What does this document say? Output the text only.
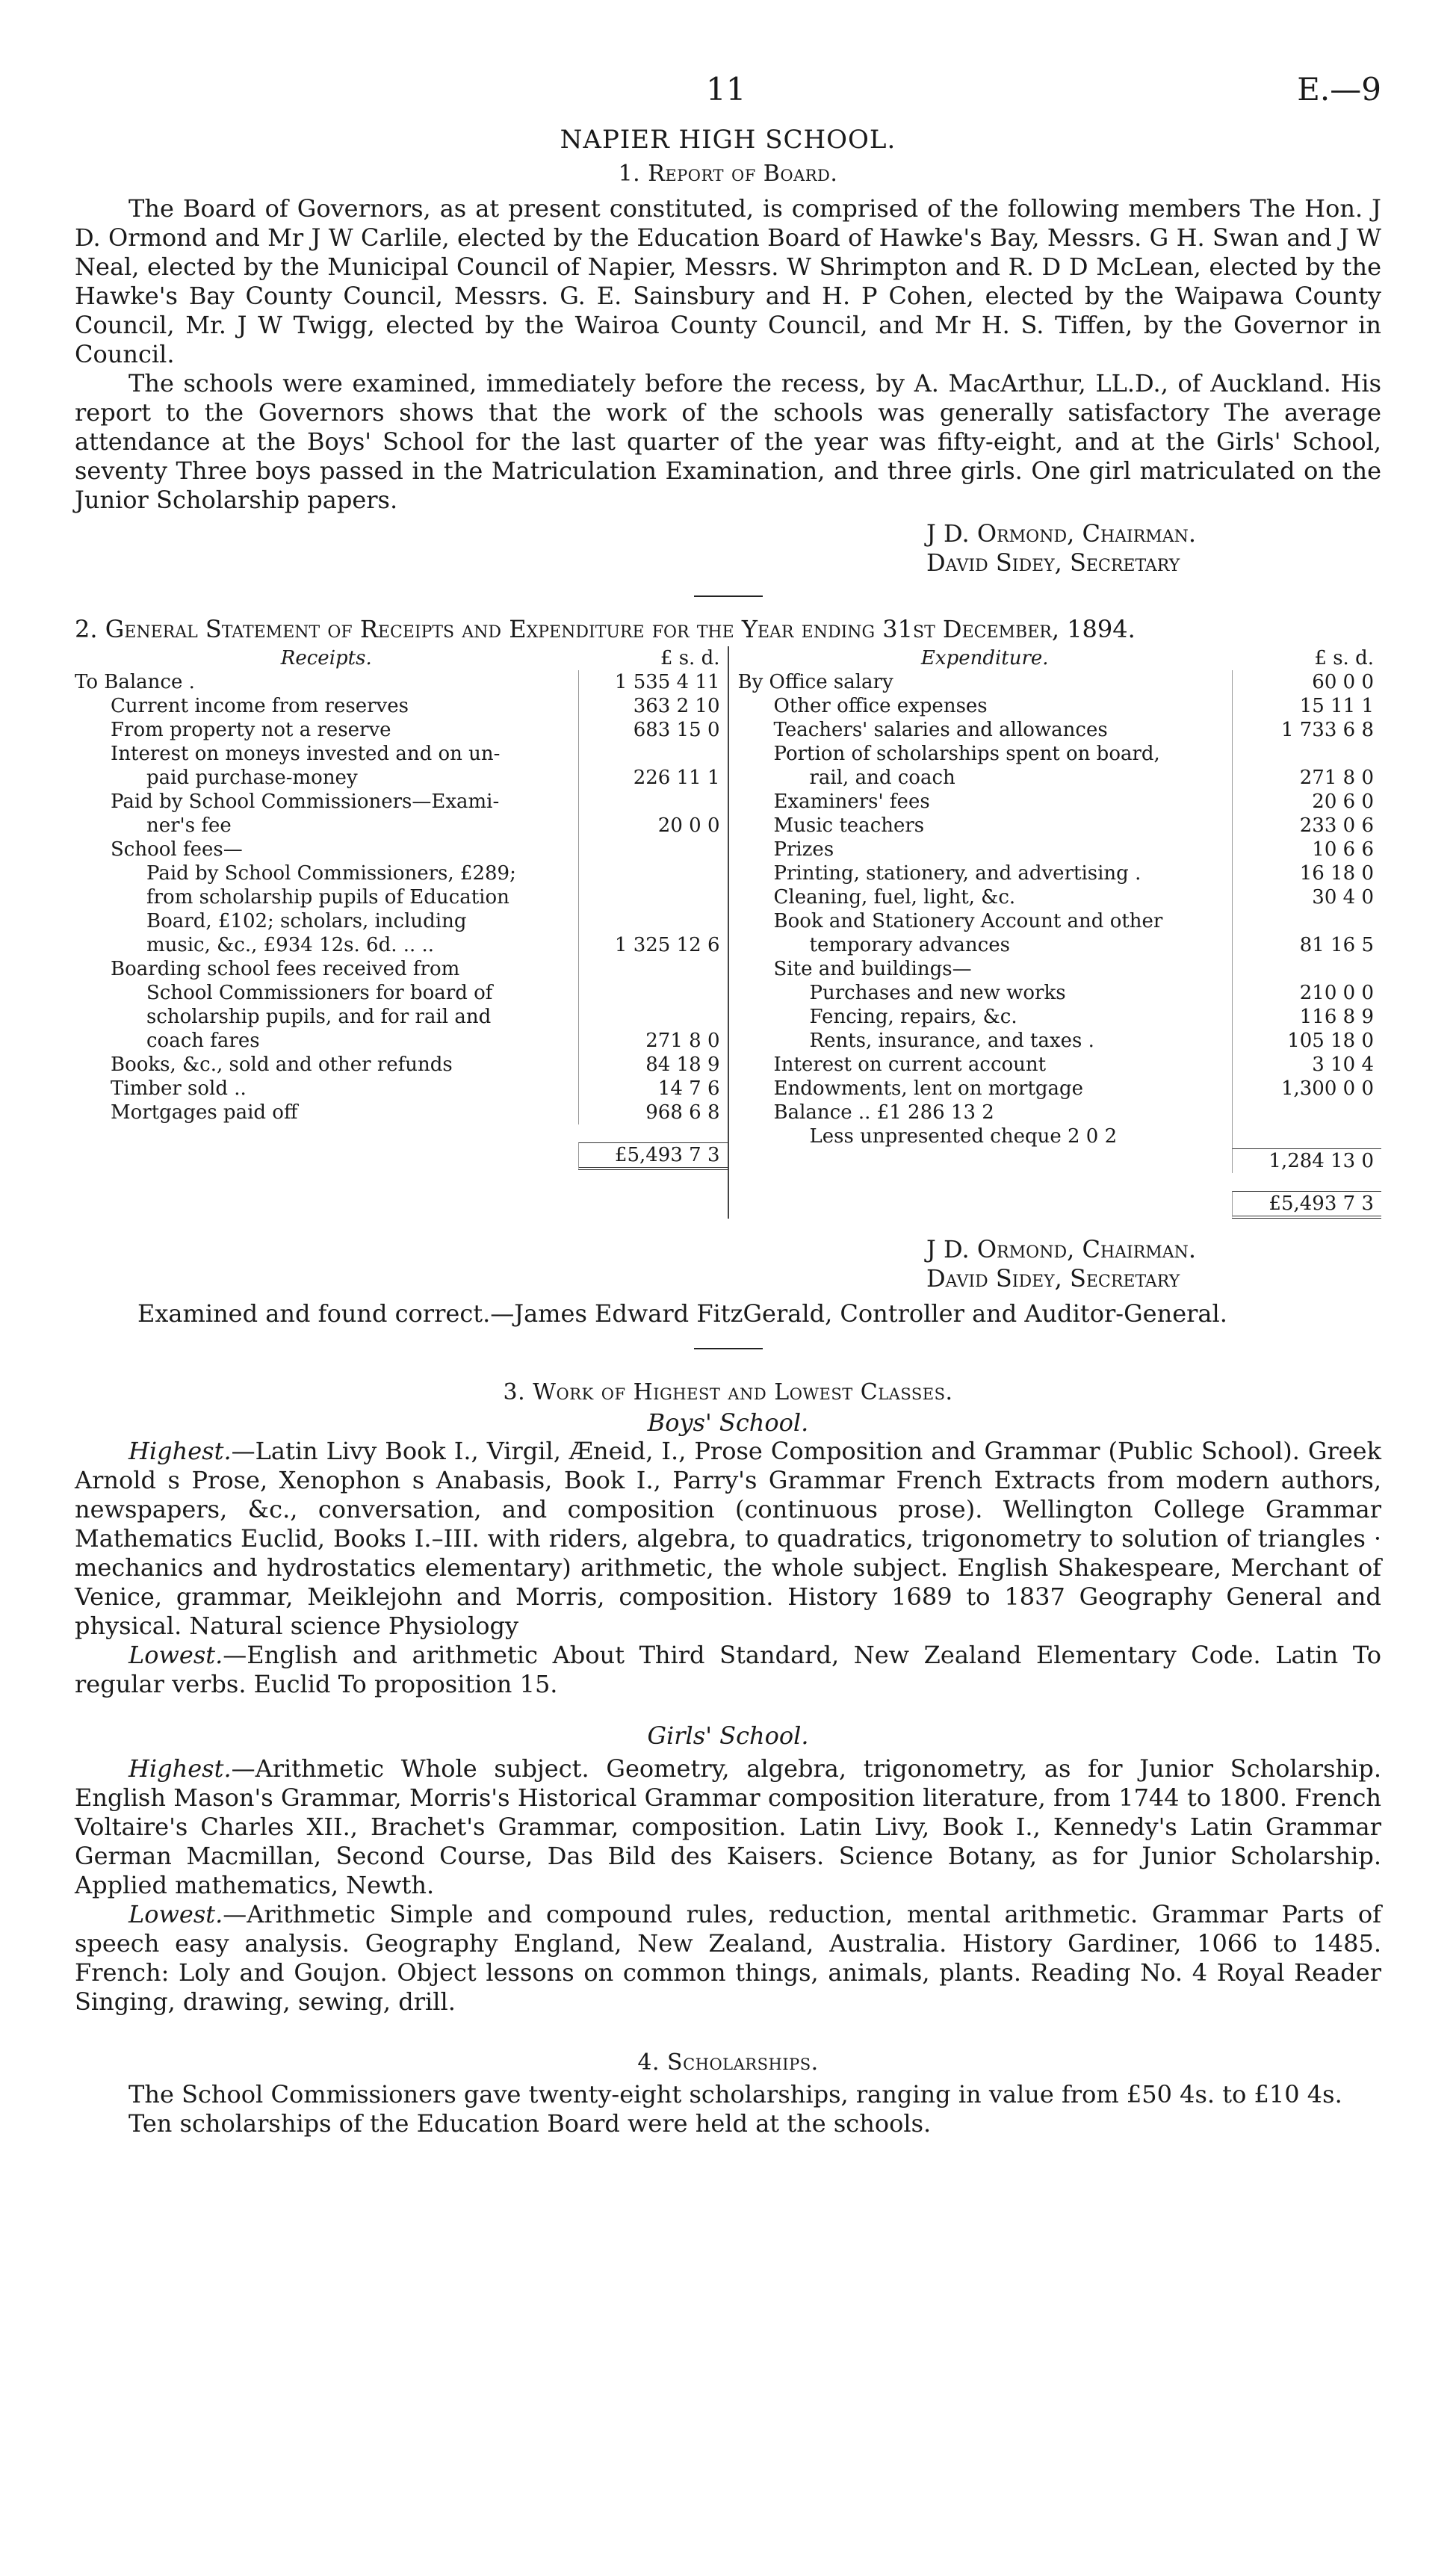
11	E.—9
NAPIER HIGH SCHOOL.
1. Report of Board.

The Board of Governors, as at present constituted, is comprised of the following members The Hon. J D. Ormond and Mr J W Carlile, elected by the Education Board of Hawke's Bay, Messrs. G H. Swan and J W Neal, elected by the Municipal Council of Napier, Messrs. W Shrimpton and R. D D McLean, elected by the Hawke's Bay County Council, Messrs. G. E. Sainsbury and H. P Cohen, elected by the Waipawa County Council, Mr. J W Twigg, elected by the Wairoa County Council, and Mr H. S. Tiffen, by the Governor in Council.

The schools were examined, immediately before the recess, by A. MacArthur, LL.D., of Auckland. His report to the Governors shows that the work of the schools was generally satisfactory The average attendance at the Boys' School for the last quarter of the year was fifty-eight, and at the Girls' School, seventy Three boys passed in the Matriculation Examination, and three girls. One girl matriculated on the Junior Scholarship papers.

J D. Ormond, Chairman.
David Sidey, Secretary
2. General Statement of Receipts and Expenditure for the Year ending 31st December, 1894.
Receipts.	£ s. d.
To Balance .	1 535 4 11
Current income from reserves	363 2 10
From property not a reserve	683 15 0
Interest on moneys invested and on un-
paid purchase-money	226 11 1
Paid by School Commissioners—Exami-
ner's fee	20 0 0
School fees—
Paid by School Commissioners, £289;
from scholarship pupils of Education
Board, £102; scholars, including
music, &c., £934 12s. 6d. .. ..	1 325 12 6
Boarding school fees received from
School Commissioners for board of
scholarship pupils, and for rail and
coach fares	271 8 0
Books, &c., sold and other refunds	84 18 9
Timber sold ..	14 7 6
Mortgages paid off	968 6 8
£5,493 7 3
Expenditure.	£ s. d.
By Office salary	60 0 0
Other office expenses	15 11 1
Teachers' salaries and allowances	1 733 6 8
Portion of scholarships spent on board,
rail, and coach	271 8 0
Examiners' fees	20 6 0
Music teachers	233 0 6
Prizes	10 6 6
Printing, stationery, and advertising .	16 18 0
Cleaning, fuel, light, &c.	30 4 0
Book and Stationery Account and other
temporary advances	81 16 5
Site and buildings—
Purchases and new works	210 0 0
Fencing, repairs, &c.	116 8 9
Rents, insurance, and taxes .	105 18 0
Interest on current account	3 10 4
Endowments, lent on mortgage	1,300 0 0
Balance .. £1 286 13 2
Less unpresented cheque 2 0 2
1,284 13 0
£5,493 7 3
J D. Ormond, Chairman.
David Sidey, Secretary

Examined and found correct.—James Edward FitzGerald, Controller and Auditor-General.

3. Work of Highest and Lowest Classes.
Boys' School.

Highest.—Latin Livy Book I., Virgil, Æneid, I., Prose Composition and Grammar (Public School). Greek Arnold s Prose, Xenophon s Anabasis, Book I., Parry's Grammar French Extracts from modern authors, newspapers, &c., conversation, and composition (continuous prose). Wellington College Grammar Mathematics Euclid, Books I.–III. with riders, algebra, to quadratics, trigonometry to solution of triangles · mechanics and hydrostatics elementary) arithmetic, the whole subject. English Shakespeare, Merchant of Venice, grammar, Meiklejohn and Morris, composition. History 1689 to 1837 Geography General and physical. Natural science Physiology

Lowest.—English and arithmetic About Third Standard, New Zealand Elementary Code. Latin To regular verbs. Euclid To proposition 15.

Girls' School.

Highest.—Arithmetic Whole subject. Geometry, algebra, trigonometry, as for Junior Scholarship. English Mason's Grammar, Morris's Historical Grammar composition literature, from 1744 to 1800. French Voltaire's Charles XII., Brachet's Grammar, composition. Latin Livy, Book I., Kennedy's Latin Grammar German Macmillan, Second Course, Das Bild des Kaisers. Science Botany, as for Junior Scholarship. Applied mathematics, Newth.

Lowest.—Arithmetic Simple and compound rules, reduction, mental arithmetic. Grammar Parts of speech easy analysis. Geography England, New Zealand, Australia. History Gardiner, 1066 to 1485. French: Loly and Goujon. Object lessons on common things, animals, plants. Reading No. 4 Royal Reader Singing, drawing, sewing, drill.

4. Scholarships.

The School Commissioners gave twenty-eight scholarships, ranging in value from £50 4s. to £10 4s.

Ten scholarships of the Education Board were held at the schools.
